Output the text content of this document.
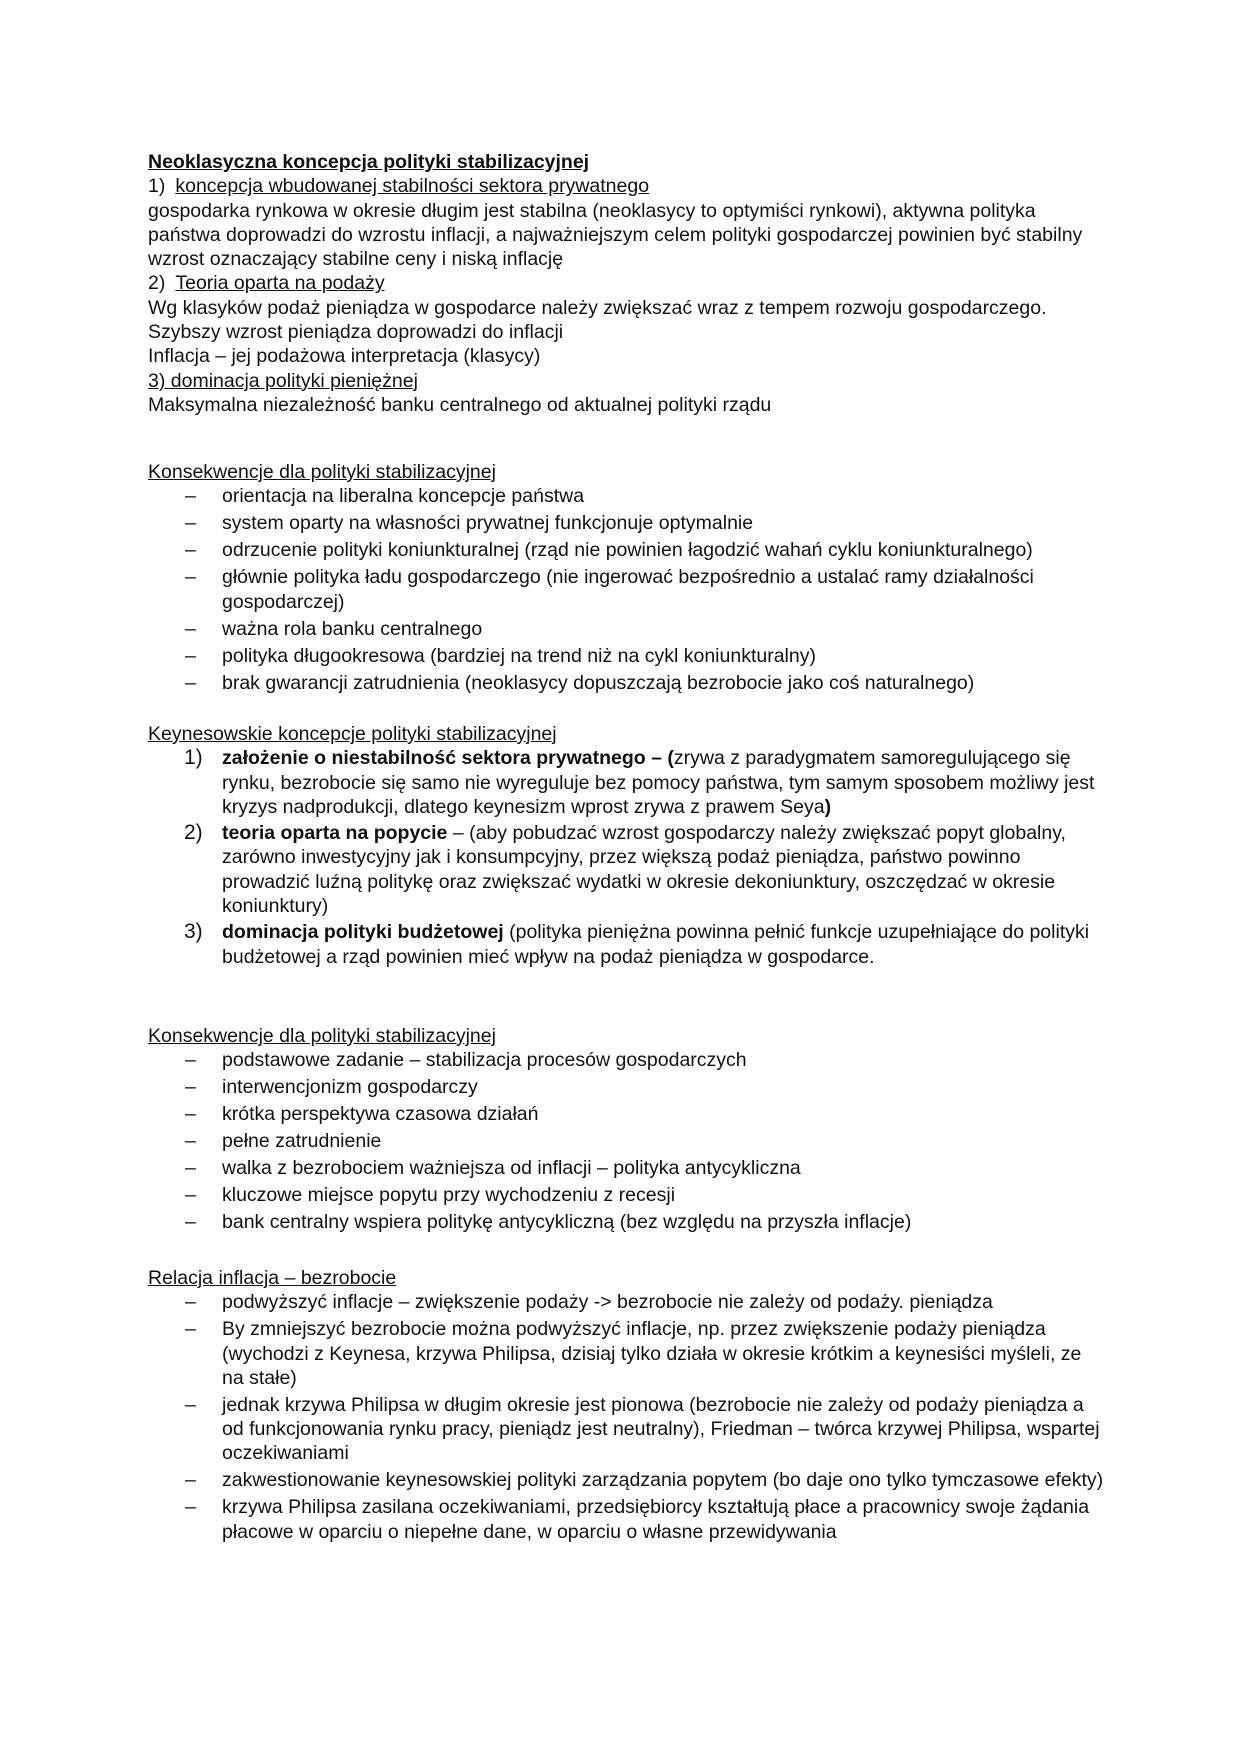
Neoklasyczna koncepcja polityki stabilizacyjnej

1) koncepcja wbudowanej stabilności sektora prywatnego

gospodarka rynkowa w okresie długim jest stabilna (neoklasycy to optymiści rynkowi), aktywna polityka państwa doprowadzi do wzrostu inflacji, a najważniejszym celem polityki gospodarczej powinien być stabilny wzrost oznaczający stabilne ceny i niską inflację

2) Teoria oparta na podaży

Wg klasyków podaż pieniądza w gospodarce należy zwiększać wraz z tempem rozwoju gospodarczego.

Szybszy wzrost pieniądza doprowadzi do inflacji

Inflacja – jej podażowa interpretacja (klasycy)

3) dominacja polityki pieniężnej

Maksymalna niezależność banku centralnego od aktualnej polityki rządu

Konsekwencje dla polityki stabilizacyjnej

– orientacja na liberalna koncepcje państwa
– system oparty na własności prywatnej funkcjonuje optymalnie
– odrzucenie polityki koniunkturalnej (rząd nie powinien łagodzić wahań cyklu koniunkturalnego)
– głównie polityka ładu gospodarczego (nie ingerować bezpośrednio a ustalać ramy działalności gospodarczej)
– ważna rola banku centralnego
– polityka długookresowa (bardziej na trend niż na cykl koniunkturalny)
– brak gwarancji zatrudnienia (neoklasycy dopuszczają bezrobocie jako coś naturalnego)

Keynesowskie koncepcje polityki stabilizacyjnej

1) założenie o niestabilność sektora prywatnego – (zrywa z paradygmatem samoregulującego się rynku, bezrobocie się samo nie wyreguluje bez pomocy państwa, tym samym sposobem możliwy jest kryzys nadprodukcji, dlatego keynesizm wprost zrywa z prawem Seya)
2) teoria oparta na popycie – (aby pobudzać wzrost gospodarczy należy zwiększać popyt globalny, zarówno inwestycyjny jak i konsumpcyjny, przez większą podaż pieniądza, państwo powinno prowadzić luźną politykę oraz zwiększać wydatki w okresie dekoniunktury, oszczędzać w okresie koniunktury)
3) dominacja polityki budżetowej (polityka pieniężna powinna pełnić funkcje uzupełniające do polityki budżetowej a rząd powinien mieć wpływ na podaż pieniądza w gospodarce.

Konsekwencje dla polityki stabilizacyjnej

– podstawowe zadanie – stabilizacja procesów gospodarczych
– interwencjonizm gospodarczy
– krótka perspektywa czasowa działań
– pełne zatrudnienie
– walka z bezrobociem ważniejsza od inflacji – polityka antycykliczna
– kluczowe miejsce popytu przy wychodzeniu z recesji
– bank centralny wspiera politykę antycykliczną (bez względu na przyszła inflacje)

Relacja inflacja – bezrobocie

– podwyższyć inflacje – zwiększenie podaży -> bezrobocie nie zależy od podaży. pieniądza
– By zmniejszyć bezrobocie można podwyższyć inflacje, np. przez zwiększenie podaży pieniądza (wychodzi z Keynesa, krzywa Philipsa, dzisiaj tylko działa w okresie krótkim a keynesiści myśleli, ze na stałe)
– jednak krzywa Philipsa w długim okresie jest pionowa (bezrobocie nie zależy od podaży pieniądza a od funkcjonowania rynku pracy, pieniądz jest neutralny), Friedman – twórca krzywej Philipsa, wspartej oczekiwaniami
– zakwestionowanie keynesowskiej polityki zarządzania popytem (bo daje ono tylko tymczasowe efekty)
– krzywa Philipsa zasilana oczekiwaniami, przedsiębiorcy kształtują płace a pracownicy swoje żądania płacowe w oparciu o niepełne dane, w oparciu o własne przewidywania
